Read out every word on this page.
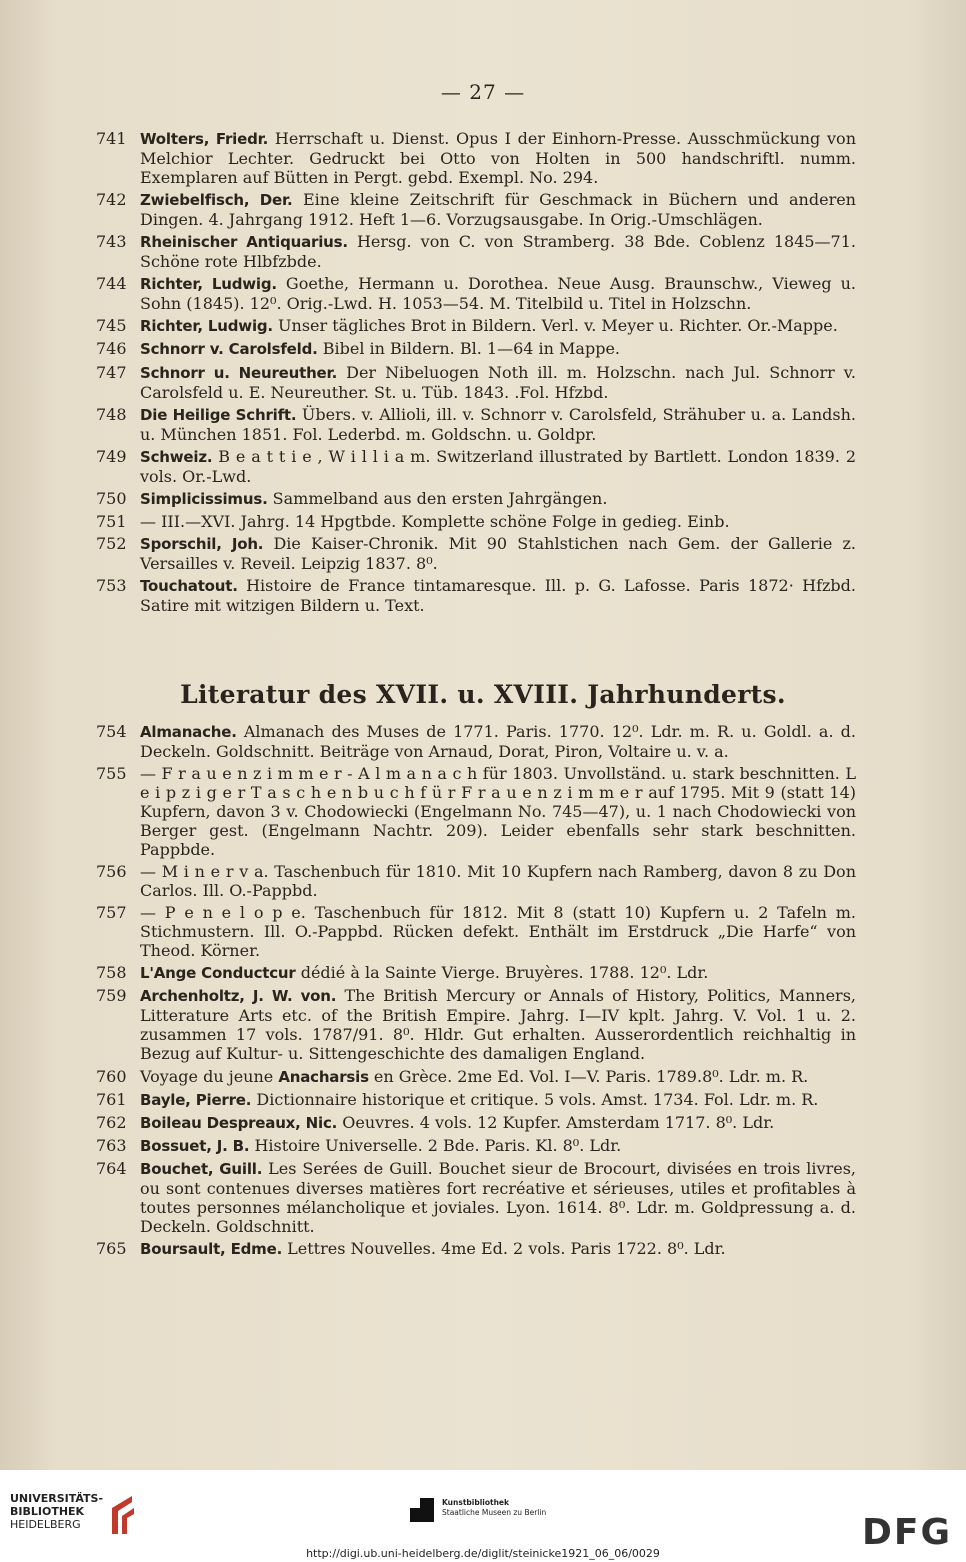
— 27 —
741 Wolters, Friedr. Herrschaft u. Dienst. Opus I der Einhorn-Presse. Ausschmückung von Melchior Lechter. Gedruckt bei Otto von Holten in 500 handschriftl. numm. Exemplaren auf Bütten in Pergt. gebd. Exempl. No. 294.
742 Zwiebelfisch, Der. Eine kleine Zeitschrift für Geschmack in Büchern und anderen Dingen. 4. Jahrgang 1912. Heft 1—6. Vorzugsausgabe. In Orig.-Umschlägen.
743 Rheinischer Antiquarius. Hersg. von C. von Stramberg. 38 Bde. Coblenz 1845—71. Schöne rote Hlbfzbde.
744 Richter, Ludwig. Goethe, Hermann u. Dorothea. Neue Ausg. Braunschw., Vieweg u. Sohn (1845). 12⁰. Orig.-Lwd. H. 1053—54. M. Titelbild u. Titel in Holzschn.
745 Richter, Ludwig. Unser tägliches Brot in Bildern. Verl. v. Meyer u. Richter. Or.-Mappe.
746 Schnorr v. Carolsfeld. Bibel in Bildern. Bl. 1—64 in Mappe.
747 Schnorr u. Neureuther. Der Nibeluogen Noth ill. m. Holzschn. nach Jul. Schnorr v. Carolsfeld u. E. Neureuther. St. u. Tüb. 1843. .Fol. Hfzbd.
748 Die Heilige Schrift. Übers. v. Allioli, ill. v. Schnorr v. Carolsfeld, Strähuber u. a. Landsh. u. München 1851. Fol. Lederbd. m. Goldschn. u. Goldpr.
749 Schweiz. B e a t t i e , W i l l i a m. Switzerland illustrated by Bartlett. London 1839. 2 vols. Or.-Lwd.
750 Simplicissimus. Sammelband aus den ersten Jahrgängen.
751 — III.—XVI. Jahrg. 14 Hpgtbde. Komplette schöne Folge in gedieg. Einb.
752 Sporschil, Joh. Die Kaiser-Chronik. Mit 90 Stahlstichen nach Gem. der Gallerie z. Versailles v. Reveil. Leipzig 1837. 8⁰.
753 Touchatout. Histoire de France tintamaresque. Ill. p. G. Lafosse. Paris 1872· Hfzbd. Satire mit witzigen Bildern u. Text.
Literatur des XVII. u. XVIII. Jahrhunderts.
754 Almanache. Almanach des Muses de 1771. Paris. 1770. 12⁰. Ldr. m. R. u. Goldl. a. d. Deckeln. Goldschnitt. Beiträge von Arnaud, Dorat, Piron, Voltaire u. v. a.
755 — F r a u e n z i m m e r - A l m a n a c h für 1803. Unvollständ. u. stark beschnitten. L e i p z i g e r T a s c h e n b u c h f ü r F r a u e n z i m m e r auf 1795. Mit 9 (statt 14) Kupfern, davon 3 v. Chodowiecki (Engelmann No. 745—47), u. 1 nach Chodowiecki von Berger gest. (Engelmann Nachtr. 209). Leider ebenfalls sehr stark beschnitten. Pappbde.
756 — M i n e r v a. Taschenbuch für 1810. Mit 10 Kupfern nach Ramberg, davon 8 zu Don Carlos. Ill. O.-Pappbd.
757 — P e n e l o p e. Taschenbuch für 1812. Mit 8 (statt 10) Kupfern u. 2 Tafeln m. Stichmustern. Ill. O.-Pappbd. Rücken defekt. Enthält im Erstdruck „Die Harfe“ von Theod. Körner.
758 L'Ange Conductcur dédié à la Sainte Vierge. Bruyères. 1788. 12⁰. Ldr.
759 Archenholtz, J. W. von. The British Mercury or Annals of History, Politics, Manners, Litterature Arts etc. of the British Empire. Jahrg. I—IV kplt. Jahrg. V. Vol. 1 u. 2. zusammen 17 vols. 1787/91. 8⁰. Hldr. Gut erhalten. Ausserordentlich reichhaltig in Bezug auf Kultur- u. Sittengeschichte des damaligen England.
760 Voyage du jeune Anacharsis en Grèce. 2me Ed. Vol. I—V. Paris. 1789.8⁰. Ldr. m. R.
761 Bayle, Pierre. Dictionnaire historique et critique. 5 vols. Amst. 1734. Fol. Ldr. m. R.
762 Boileau Despreaux, Nic. Oeuvres. 4 vols. 12 Kupfer. Amsterdam 1717. 8⁰. Ldr.
763 Bossuet, J. B. Histoire Universelle. 2 Bde. Paris. Kl. 8⁰. Ldr.
764 Bouchet, Guill. Les Serées de Guill. Bouchet sieur de Brocourt, divisées en trois livres, ou sont contenues diverses matières fort recréative et sérieuses, utiles et profitables à toutes personnes mélancholique et joviales. Lyon. 1614. 8⁰. Ldr. m. Goldpressung a. d. Deckeln. Goldschnitt.
765 Boursault, Edme. Lettres Nouvelles. 4me Ed. 2 vols. Paris 1722. 8⁰. Ldr.
UNIVERSITÄTS-
BIBLIOTHEK
HEIDELBERG
Kunstbibliothek
Staatliche Museen zu Berlin	DFG
http://digi.ub.uni-heidelberg.de/diglit/steinicke1921_06_06/0029
